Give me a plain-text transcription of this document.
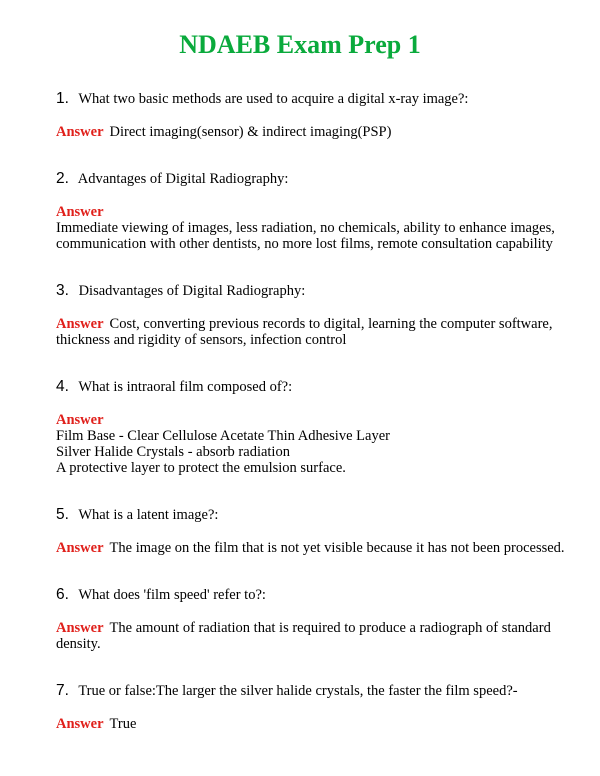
NDAEB Exam Prep 1
1. What two basic methods are used to acquire a digital x-ray image?:
Answer Direct imaging(sensor) & indirect imaging(PSP)
2. Advantages of Digital Radiography:
Answer
Immediate viewing of images, less radiation, no chemicals, ability to enhance images,
communication with other dentists, no more lost films, remote consultation capability
3. Disadvantages of Digital Radiography:
Answer Cost, converting previous records to digital, learning the computer software,
thickness and rigidity of sensors, infection control
4. What is intraoral film composed of?:
Answer
Film Base - Clear Cellulose Acetate Thin Adhesive Layer
Silver Halide Crystals - absorb radiation
A protective layer to protect the emulsion surface.
5. What is a latent image?:
Answer The image on the film that is not yet visible because it has not been processed.
6. What does 'film speed' refer to?:
Answer The amount of radiation that is required to produce a radiograph of standard
density.
7. True or false:The larger the silver halide crystals, the faster the film speed?-
Answer True
